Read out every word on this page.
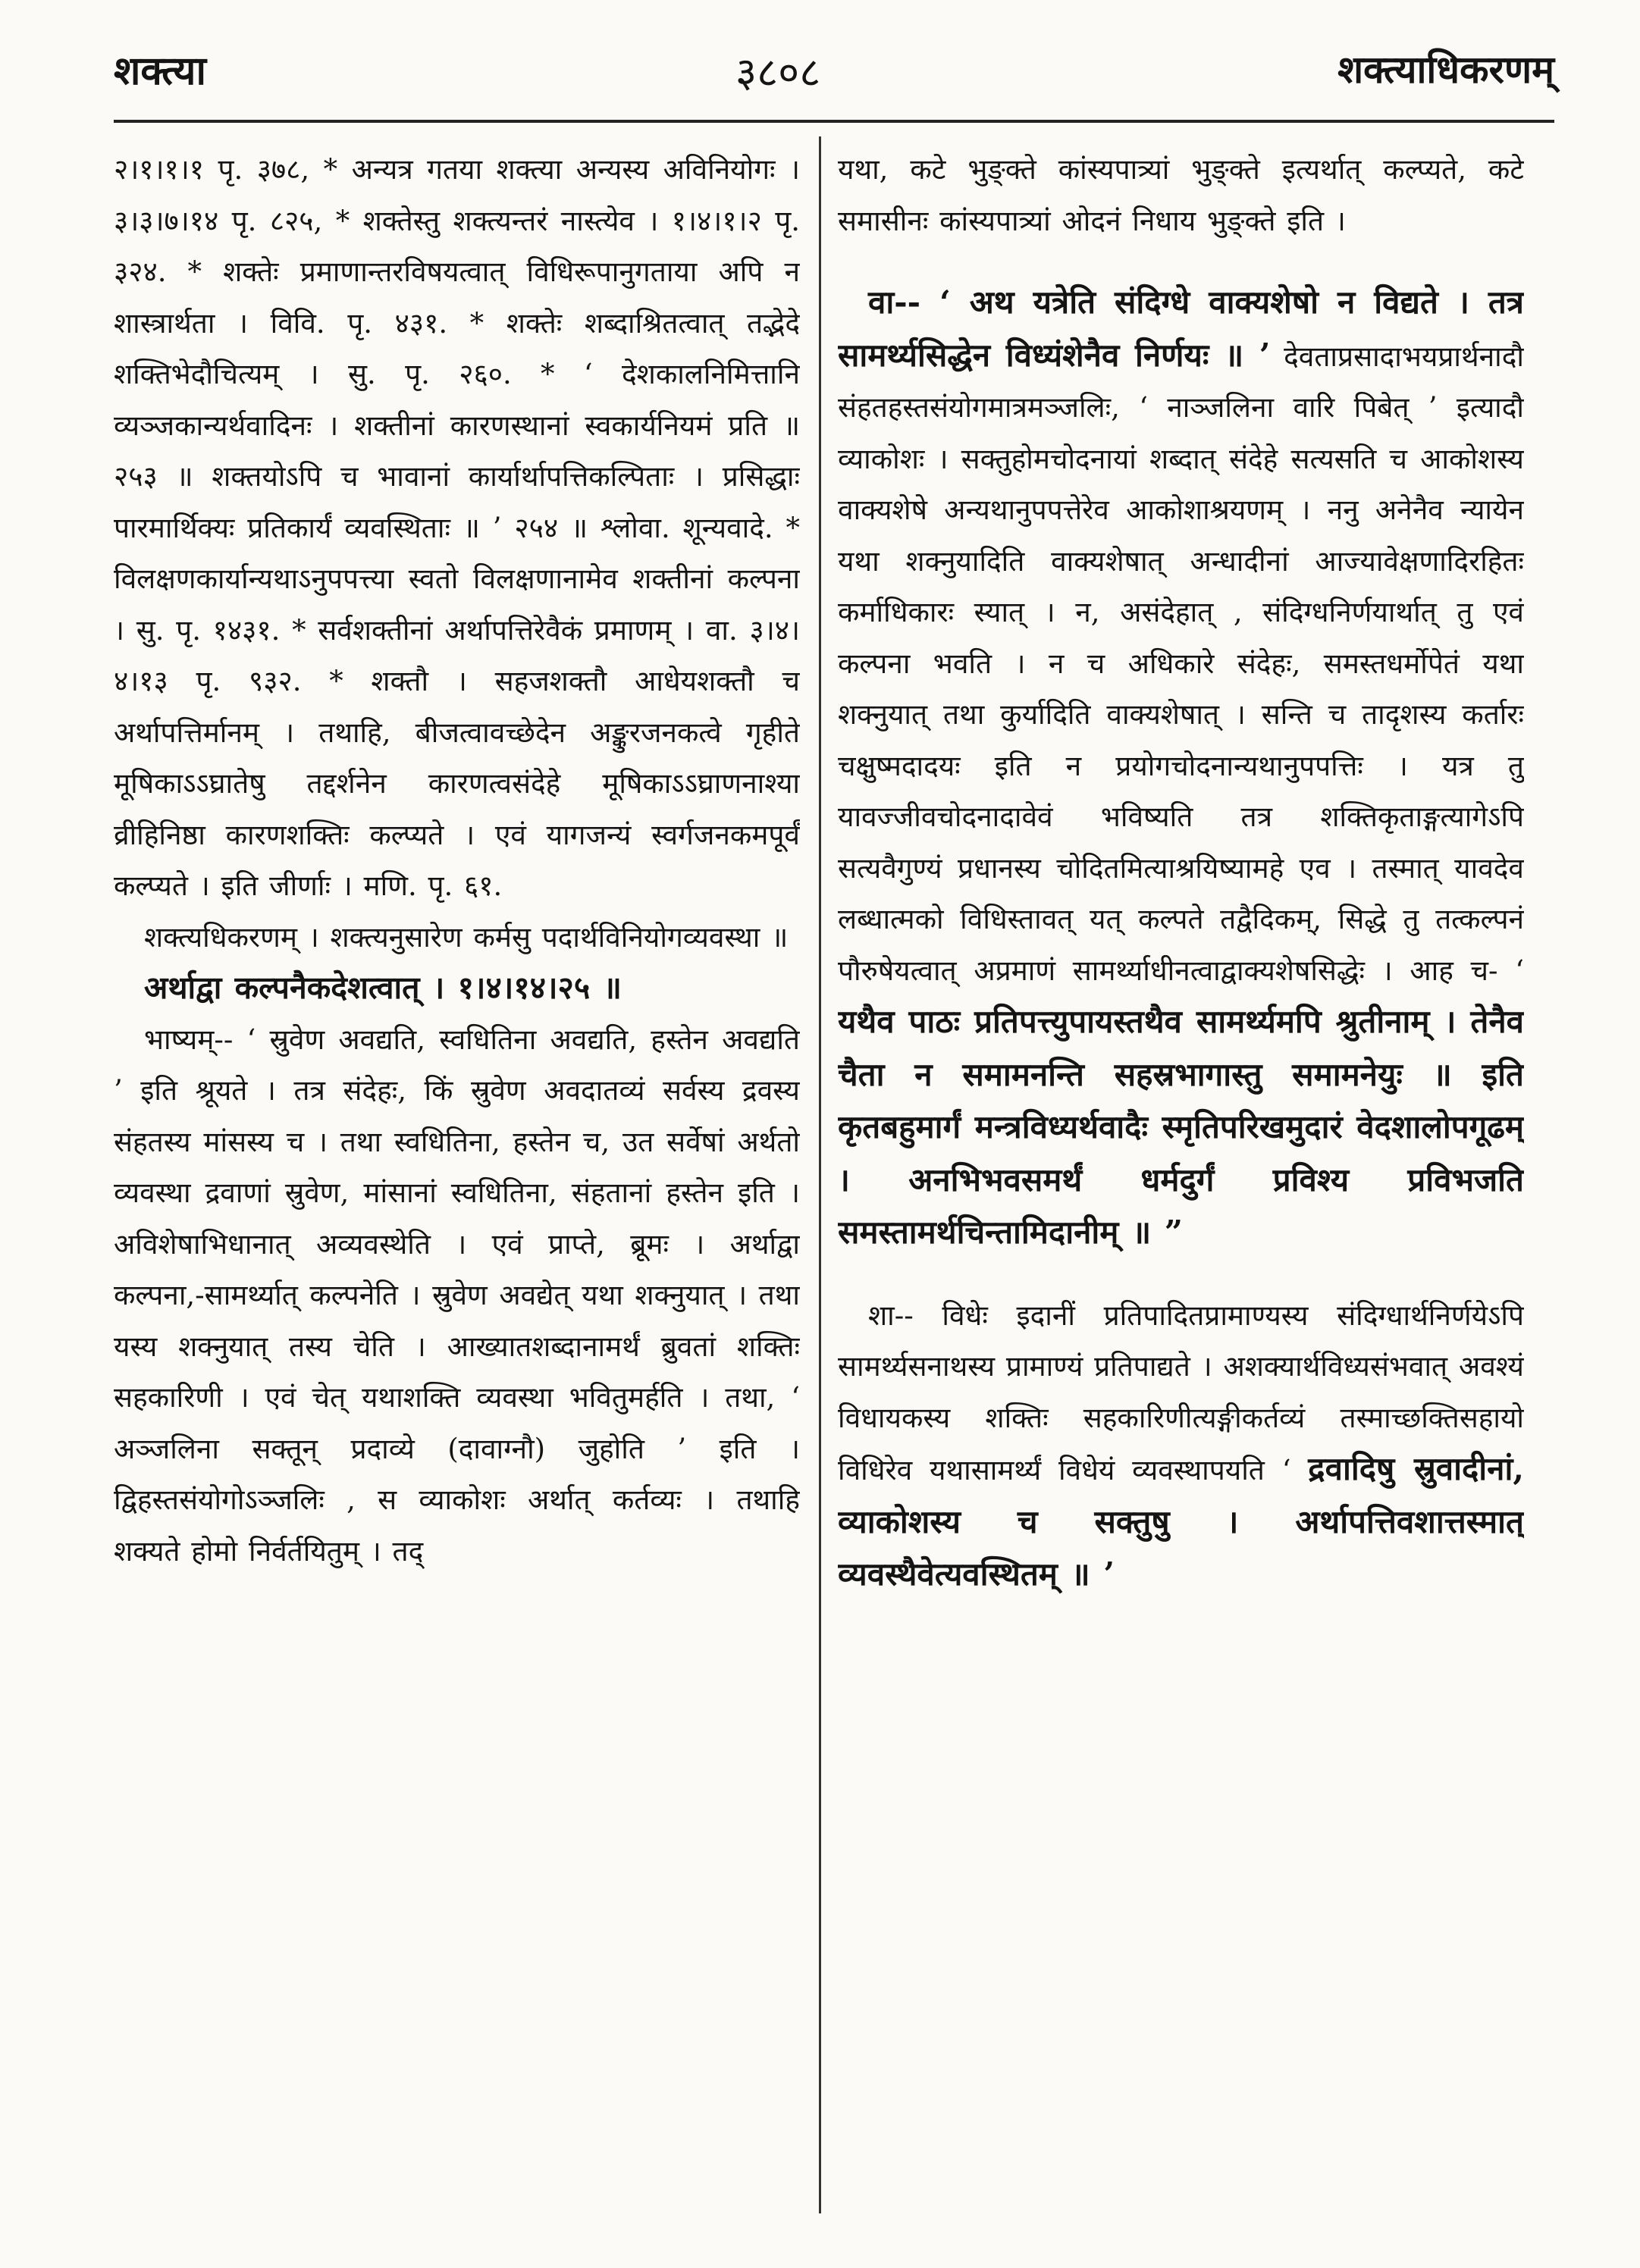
शक्त्या	३८०८	शक्त्याधिकरणम्

२।१।१।१ पृ. ३७८, * अन्यत्र गतया शक्त्या अन्यस्य अविनियोगः । ३।३।७।१४ पृ. ८२५, * शक्तेस्तु शक्त्यन्तरं नास्त्येव । १।४।१।२ पृ. ३२४. * शक्तेः प्रमाणान्तरविषयत्वात् विधिरूपानुगताया अपि न शास्त्रार्थता । विवि. पृ. ४३१. * शक्तेः शब्दाश्रितत्वात् तद्भेदे शक्तिभेदौचित्यम् । सु. पृ. २६०. * ‘ देशकालनिमित्तानि व्यञ्जकान्यर्थवादिनः । शक्तीनां कारणस्थानां स्वकार्यनियमं प्रति ॥ २५३ ॥ शक्तयोऽपि च भावानां कार्यार्थापत्तिकल्पिताः । प्रसिद्धाः पारमार्थिक्यः प्रतिकार्यं व्यवस्थिताः ॥ ’ २५४ ॥ श्लोवा. शून्यवादे. * विलक्षणकार्यान्यथाऽनुपपत्त्या स्वतो विलक्षणानामेव शक्तीनां कल्पना । सु. पृ. १४३१. * सर्वशक्तीनां अर्थापत्तिरेवैकं प्रमाणम् । वा. ३।४।४।१३ पृ. ९३२. * शक्तौ । सहजशक्तौ आधेयशक्तौ च अर्थापत्तिर्मानम् । तथाहि, बीजत्वावच्छेदेन अङ्कुरजनकत्वे गृहीते मूषिकाऽऽघ्रातेषु तद्दर्शनेन कारणत्वसंदेहे मूषिकाऽऽघ्राणनाश्या व्रीहिनिष्ठा कारणशक्तिः कल्प्यते । एवं यागजन्यं स्वर्गजनकमपूर्वं कल्प्यते । इति जीर्णाः । मणि. पृ. ६१.

शक्त्यधिकरणम् । शक्त्यनुसारेण कर्मसु पदार्थविनियोगव्यवस्था ॥

अर्थाद्वा कल्पनैकदेशत्वात् । १।४।१४।२५ ॥

भाष्यम्-- ‘ स्रुवेण अवद्यति, स्वधितिना अवद्यति, हस्तेन अवद्यति ’ इति श्रूयते । तत्र संदेहः, किं स्रुवेण अवदातव्यं सर्वस्य द्रवस्य संहतस्य मांसस्य च । तथा स्वधितिना, हस्तेन च, उत सर्वेषां अर्थतो व्यवस्था द्रवाणां स्रुवेण, मांसानां स्वधितिना, संहतानां हस्तेन इति । अविशेषाभिधानात् अव्यवस्थेति । एवं प्राप्ते, ब्रूमः । अर्थाद्वा कल्पना,-सामर्थ्यात् कल्पनेति । स्रुवेण अवद्येत् यथा शक्नुयात् । तथा यस्य शक्नुयात् तस्य चेति । आख्यातशब्दानामर्थं ब्रुवतां शक्तिः सहकारिणी । एवं चेत् यथाशक्ति व्यवस्था भवितुमर्हति । तथा, ‘ अञ्जलिना सक्तून् प्रदाव्ये (दावाग्नौ) जुहोति ’ इति । द्विहस्तसंयोगोऽञ्जलिः , स व्याकोशः अर्थात् कर्तव्यः । तथाहि शक्यते होमो निर्वर्तयितुम् । तद्

यथा, कटे भुङ्क्ते कांस्यपात्र्यां भुङ्क्ते इत्यर्थात् कल्प्यते, कटे समासीनः कांस्यपात्र्यां ओदनं निधाय भुङ्क्ते इति ।

वा-- ‘ अथ यत्रेति संदिग्धे वाक्यशेषो न विद्यते । तत्र सामर्थ्यसिद्धेन विध्यंशेनैव निर्णयः ॥ ’ देवताप्रसादाभयप्रार्थनादौ संहतहस्तसंयोगमात्रमञ्जलिः, ‘ नाञ्जलिना वारि पिबेत् ’ इत्यादौ व्याकोशः । सक्तुहोमचोदनायां शब्दात् संदेहे सत्यसति च आकोशस्य वाक्यशेषे अन्यथानुपपत्तेरेव आकोशाश्रयणम् । ननु अनेनैव न्यायेन यथा शक्नुयादिति वाक्यशेषात् अन्धादीनां आज्यावेक्षणादिरहितः कर्माधिकारः स्यात् । न, असंदेहात् , संदिग्धनिर्णयार्थात् तु एवं कल्पना भवति । न च अधिकारे संदेहः, समस्तधर्मोपेतं यथा शक्नुयात् तथा कुर्यादिति वाक्यशेषात् । सन्ति च तादृशस्य कर्तारः चक्षुष्मदादयः इति न प्रयोगचोदनान्यथानुपपत्तिः । यत्र तु यावज्जीवचोदनादावेवं भविष्यति तत्र शक्तिकृताङ्गत्यागेऽपि सत्यवैगुण्यं प्रधानस्य चोदितमित्याश्रयिष्यामहे एव । तस्मात् यावदेव लब्धात्मको विधिस्तावत् यत् कल्पते तद्वैदिकम्, सिद्धे तु तत्कल्पनं पौरुषेयत्वात् अप्रमाणं सामर्थ्याधीनत्वाद्वाक्यशेषसिद्धेः । आह च- ‘ यथैव पाठः प्रतिपत्त्युपायस्तथैव सामर्थ्यमपि श्रुतीनाम् । तेनैव चैता न समामनन्ति सहस्रभागास्तु समामनेयुः ॥ इति कृतबहुमार्गं मन्त्रविध्यर्थवादैः स्मृतिपरिखमुदारं वेदशालोपगूढम् । अनभिभवसमर्थं धर्मदुर्गं प्रविश्य प्रविभजति समस्तामर्थचिन्तामिदानीम् ॥ ”

शा-- विधेः इदानीं प्रतिपादितप्रामाण्यस्य संदिग्धार्थनिर्णयेऽपि सामर्थ्यसनाथस्य प्रामाण्यं प्रतिपाद्यते । अशक्यार्थविध्यसंभवात् अवश्यं विधायकस्य शक्तिः सहकारिणीत्यङ्गीकर्तव्यं तस्माच्छक्तिसहायो विधिरेव यथासामर्थ्यं विधेयं व्यवस्थापयति ‘ द्रवादिषु स्रुवादीनां, व्याकोशस्य च सक्तुषु । अर्थापत्तिवशात्तस्मात् व्यवस्थैवेत्यवस्थितम् ॥ ’
